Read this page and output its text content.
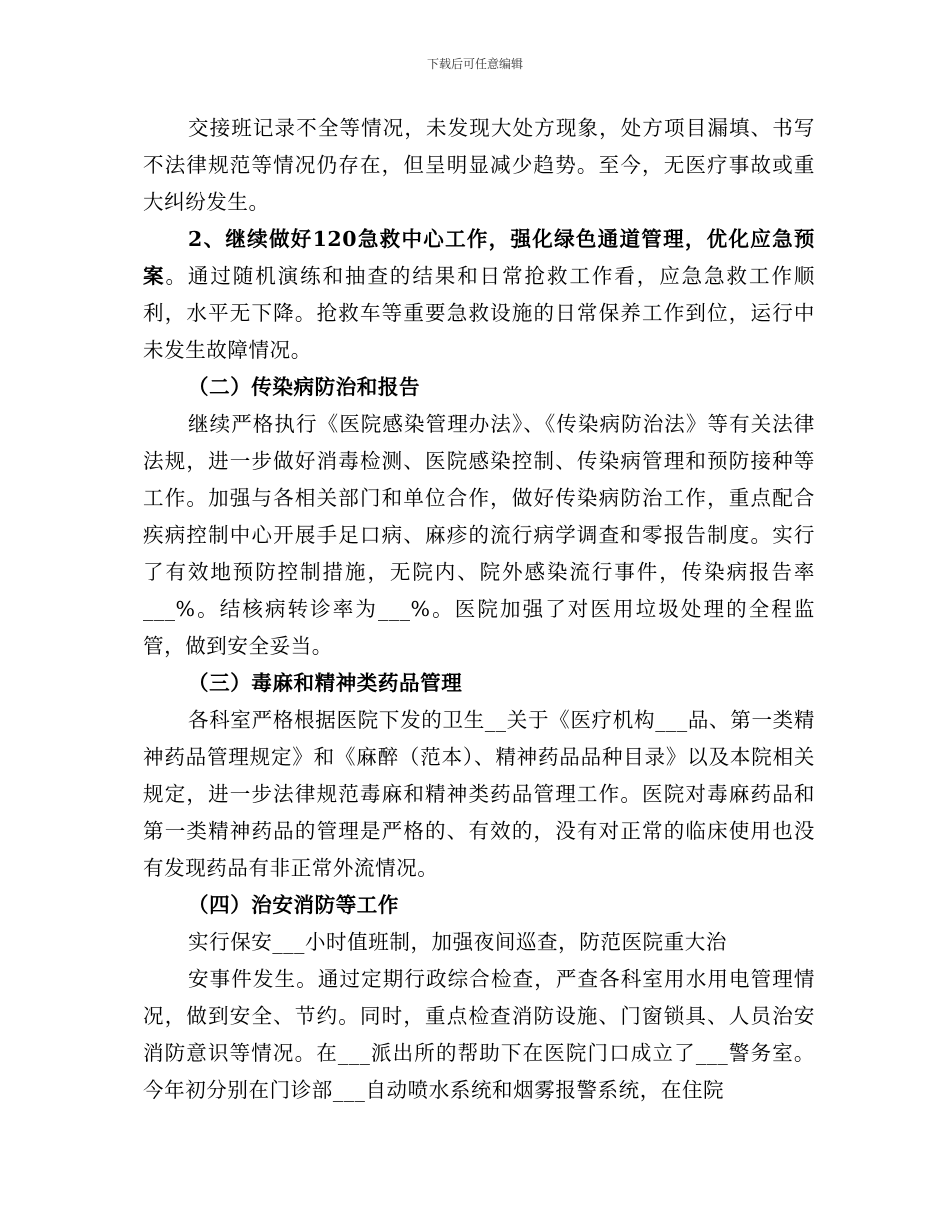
下载后可任意编辑

交接班记录不全等情况，未发现大处方现象，处方项目漏填、书写不法律规范等情况仍存在，但呈明显减少趋势。至今，无医疗事故或重大纠纷发生。

2、继续做好120急救中心工作，强化绿色通道管理，优化应急预案。通过随机演练和抽查的结果和日常抢救工作看，应急急救工作顺利，水平无下降。抢救车等重要急救设施的日常保养工作到位，运行中未发生故障情况。

（二）传染病防治和报告

继续严格执行《医院感染管理办法》、《传染病防治法》等有关法律法规，进一步做好消毒检测、医院感染控制、传染病管理和预防接种等工作。加强与各相关部门和单位合作，做好传染病防治工作，重点配合疾病控制中心开展手足口病、麻疹的流行病学调查和零报告制度。实行了有效地预防控制措施，无院内、院外感染流行事件，传染病报告率___%。结核病转诊率为___%。医院加强了对医用垃圾处理的全程监管，做到安全妥当。

（三）毒麻和精神类药品管理

各科室严格根据医院下发的卫生__关于《医疗机构___品、第一类精神药品管理规定》和《麻醉（范本）、精神药品品种目录》以及本院相关规定，进一步法律规范毒麻和精神类药品管理工作。医院对毒麻药品和第一类精神药品的管理是严格的、有效的，没有对正常的临床使用也没有发现药品有非正常外流情况。

（四）治安消防等工作

实行保安___小时值班制，加强夜间巡查，防范医院重大治

安事件发生。通过定期行政综合检查，严查各科室用水用电管理情况，做到安全、节约。同时，重点检查消防设施、门窗锁具、人员治安消防意识等情况。在___派出所的帮助下在医院门口成立了___警务室。今年初分别在门诊部___自动喷水系统和烟雾报警系统，在住院
